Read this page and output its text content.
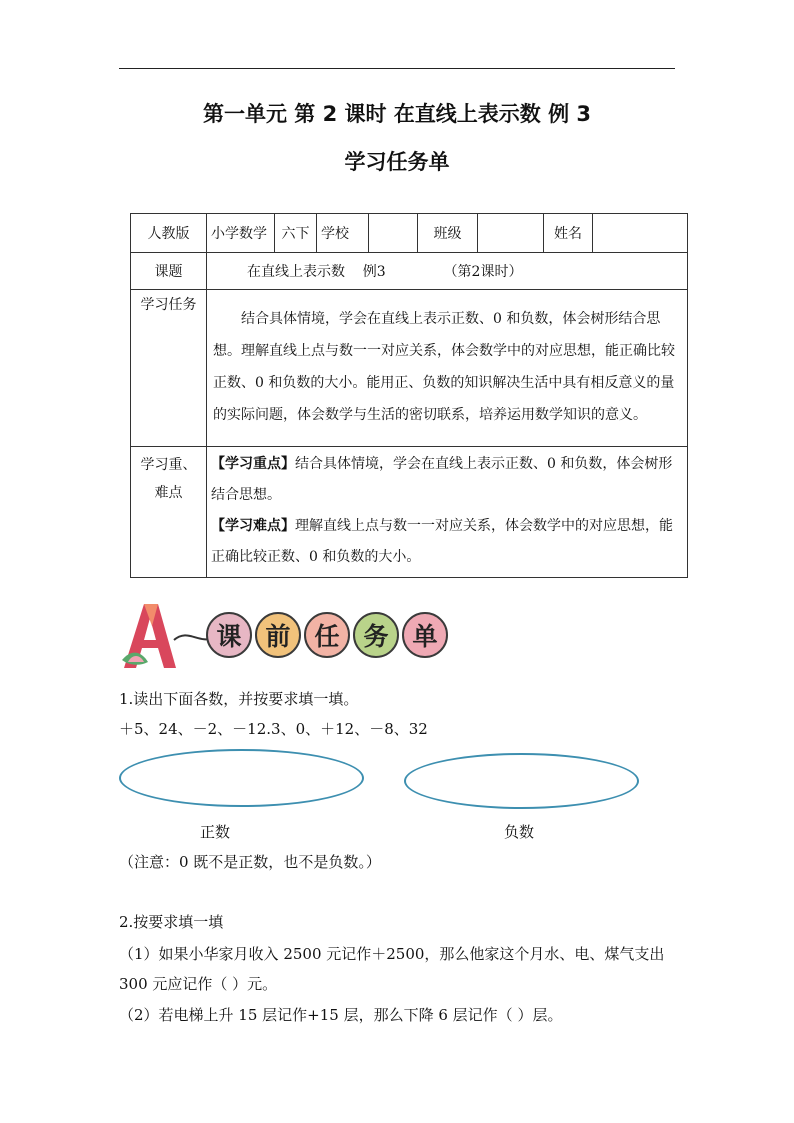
第一单元 第 2 课时 在直线上表示数 例 3
学习任务单
人教版	小学数学	六下	学校		班级		姓名	
课题	在直线上表示数    例3             （第2课时）							
学习任务	结合具体情境，学会在直线上表示正数、0 和负数，体会树形结合思想。理解直线上点与数一一对应关系，体会数学中的对应思想，能正确比较正数、0 和负数的大小。能用正、负数的知识解决生活中具有相反意义的量的实际问题，体会数学与生活的密切联系，培养运用数学知识的意义。							
学习重、难点	【学习重点】结合具体情境，学会在直线上表示正数、0 和负数，体会树形结合思想。
【学习难点】理解直线上点与数一一对应关系，体会数学中的对应思想，能正确比较正数、0 和负数的大小。							
课 前 任 务 单
1.读出下面各数，并按要求填一填。
＋5、24、－2、－12.3、0、＋12、－8、32
正数	负数
（注意：0 既不是正数，也不是负数。）
2.按要求填一填
（1）如果小华家月收入 2500 元记作＋2500，那么他家这个月水、电、煤气支出
300 元应记作（ ）元。
（2）若电梯上升 15 层记作+15 层，那么下降 6 层记作（ ）层。
